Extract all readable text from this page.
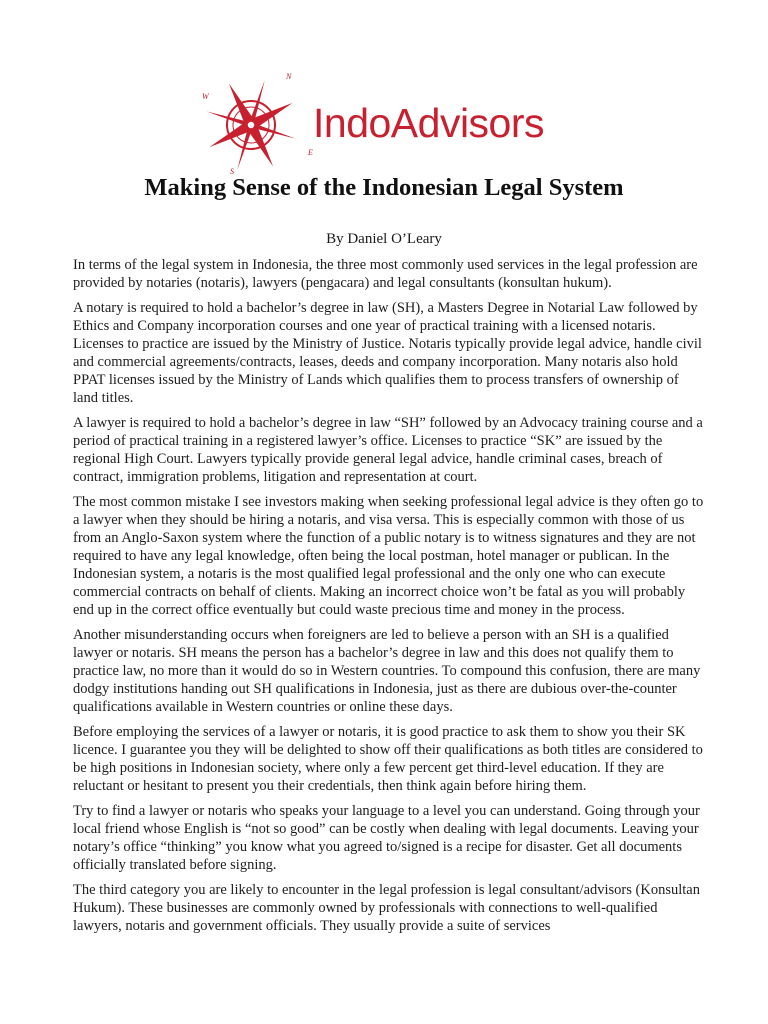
N
E
S
W
IndoAdvisors
Making Sense of the Indonesian Legal System
By Daniel O’Leary

In terms of the legal system in Indonesia, the three most commonly used services in the legal profession are provided by notaries (notaris), lawyers (pengacara) and legal consultants (konsultan hukum).

A notary is required to hold a bachelor’s degree in law (SH), a Masters Degree in Notarial Law followed by Ethics and Company incorporation courses and one year of practical training with a licensed notaris. Licenses to practice are issued by the Ministry of Justice. Notaris typically provide legal advice, handle civil and commercial agreements/contracts, leases, deeds and company incorporation. Many notaris also hold PPAT licenses issued by the Ministry of Lands which qualifies them to process transfers of ownership of land titles.

A lawyer is required to hold a bachelor’s degree in law “SH” followed by an Advocacy training course and a period of practical training in a registered lawyer’s office. Licenses to practice “SK” are issued by the regional High Court. Lawyers typically provide general legal advice, handle criminal cases, breach of contract, immigration problems, litigation and representation at court.

The most common mistake I see investors making when seeking professional legal advice is they often go to a lawyer when they should be hiring a notaris, and visa versa. This is especially common with those of us from an Anglo-Saxon system where the function of a public notary is to witness signatures and they are not required to have any legal knowledge, often being the local postman, hotel manager or publican. In the Indonesian system, a notaris is the most qualified legal professional and the only one who can execute commercial contracts on behalf of clients. Making an incorrect choice won’t be fatal as you will probably end up in the correct office eventually but could waste precious time and money in the process.

Another misunderstanding occurs when foreigners are led to believe a person with an SH is a qualified lawyer or notaris. SH means the person has a bachelor’s degree in law and this does not qualify them to practice law, no more than it would do so in Western countries. To compound this confusion, there are many dodgy institutions handing out SH qualifications in Indonesia, just as there are dubious over-the-counter qualifications available in Western countries or online these days.

Before employing the services of a lawyer or notaris, it is good practice to ask them to show you their SK licence. I guarantee you they will be delighted to show off their qualifications as both titles are considered to be high positions in Indonesian society, where only a few percent get third-level education. If they are reluctant or hesitant to present you their credentials, then think again before hiring them.

Try to find a lawyer or notaris who speaks your language to a level you can understand. Going through your local friend whose English is “not so good” can be costly when dealing with legal documents. Leaving your notary’s office “thinking” you know what you agreed to/signed is a recipe for disaster. Get all documents officially translated before signing.

The third category you are likely to encounter in the legal profession is legal consultant/advisors (Konsultan Hukum). These businesses are commonly owned by professionals with connections to well-qualified lawyers, notaris and government officials. They usually provide a suite of services
